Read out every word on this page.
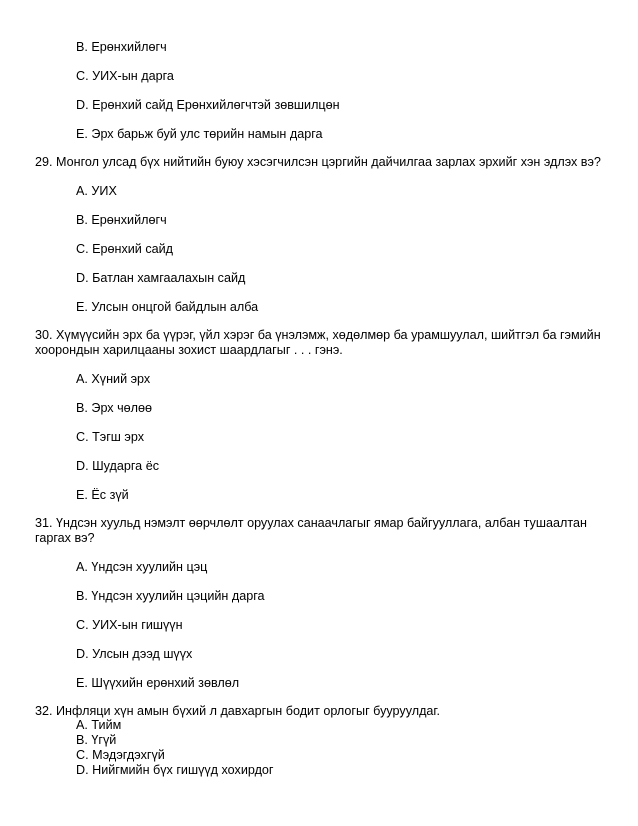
B. Ерөнхийлөгч
C. УИХ-ын дарга
D. Ерөнхий сайд Ерөнхийлөгчтэй зөвшилцөн
E. Эрх барьж буй улс төрийн намын дарга
29. Монгол улсад бүх нийтийн буюу хэсэгчилсэн цэргийн дайчилгаа зарлах эрхийг хэн эдлэх вэ?
A. УИХ
B. Ерөнхийлөгч
C. Ерөнхий сайд
D. Батлан хамгаалахын сайд
E. Улсын онцгой байдлын алба
30. Хүмүүсийн эрх ба үүрэг, үйл хэрэг ба үнэлэмж, хөдөлмөр ба урамшуулал, шийтгэл ба гэмийн
хоорондын харилцааны зохист шаардлагыг . . . гэнэ.
A. Хүний эрх
B. Эрх чөлөө
C. Тэгш эрх
D. Шударга ёс
E. Ёс зүй
31. Үндсэн хуульд нэмэлт өөрчлөлт оруулах санаачлагыг ямар байгууллага, албан тушаалтан
гаргах вэ?
A. Үндсэн хуулийн цэц
B. Үндсэн хуулийн цэцийн дарга
C. УИХ-ын гишүүн
D. Улсын дээд шүүх
E. Шүүхийн ерөнхий зөвлөл
32. Инфляци хүн амын бүхий л давхаргын бодит орлогыг бууруулдаг.
A. Тийм
B. Үгүй
C. Мэдэгдэхгүй
D. Нийгмийн бүх гишүүд хохирдог
